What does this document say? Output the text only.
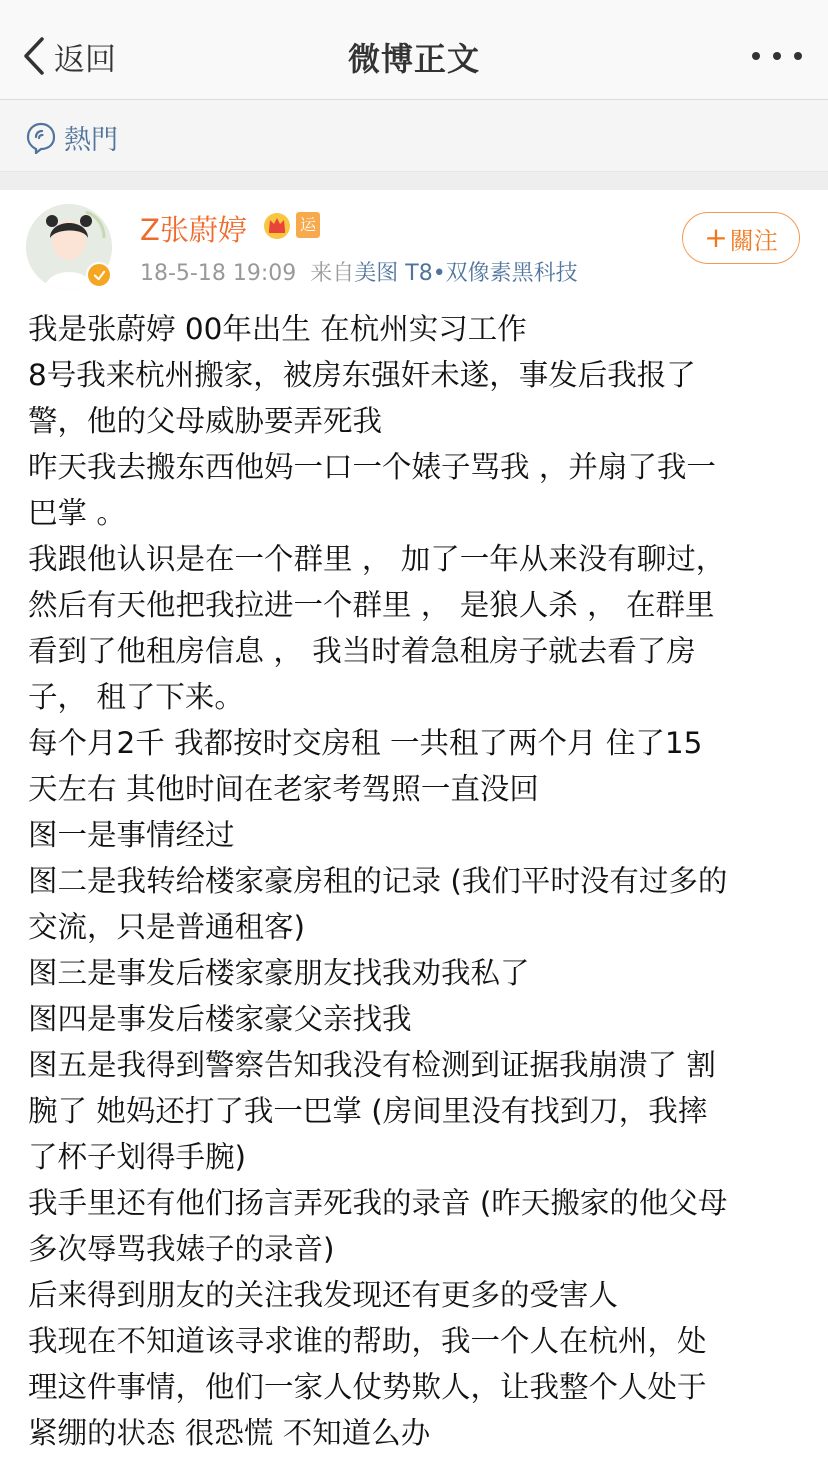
返回	微博正文
熱門
Z张蔚婷	运
18-5-18 19:09 来自美图 T8•双像素黑科技
+ 關注

我是张蔚婷 00年出生 在杭州实习工作

8号我来杭州搬家，被房东强奸未遂，事发后我报了

警，他的父母威胁要弄死我

昨天我去搬东西他妈一口一个婊子骂我 ，并扇了我一

巴掌 。

我跟他认识是在一个群里 ， 加了一年从来没有聊过，

然后有天他把我拉进一个群里 ， 是狼人杀 ， 在群里

看到了他租房信息 ， 我当时着急租房子就去看了房

子， 租了下来。

每个月2千 我都按时交房租 一共租了两个月 住了15

天左右 其他时间在老家考驾照一直没回

图一是事情经过

图二是我转给楼家豪房租的记录 (我们平时没有过多的

交流，只是普通租客)

图三是事发后楼家豪朋友找我劝我私了

图四是事发后楼家豪父亲找我

图五是我得到警察告知我没有检测到证据我崩溃了 割

腕了 她妈还打了我一巴掌 (房间里没有找到刀，我摔

了杯子划得手腕)

我手里还有他们扬言弄死我的录音 (昨天搬家的他父母

多次辱骂我婊子的录音)

后来得到朋友的关注我发现还有更多的受害人

我现在不知道该寻求谁的帮助，我一个人在杭州，处

理这件事情，他们一家人仗势欺人，让我整个人处于

紧绷的状态 很恐慌 不知道么办
